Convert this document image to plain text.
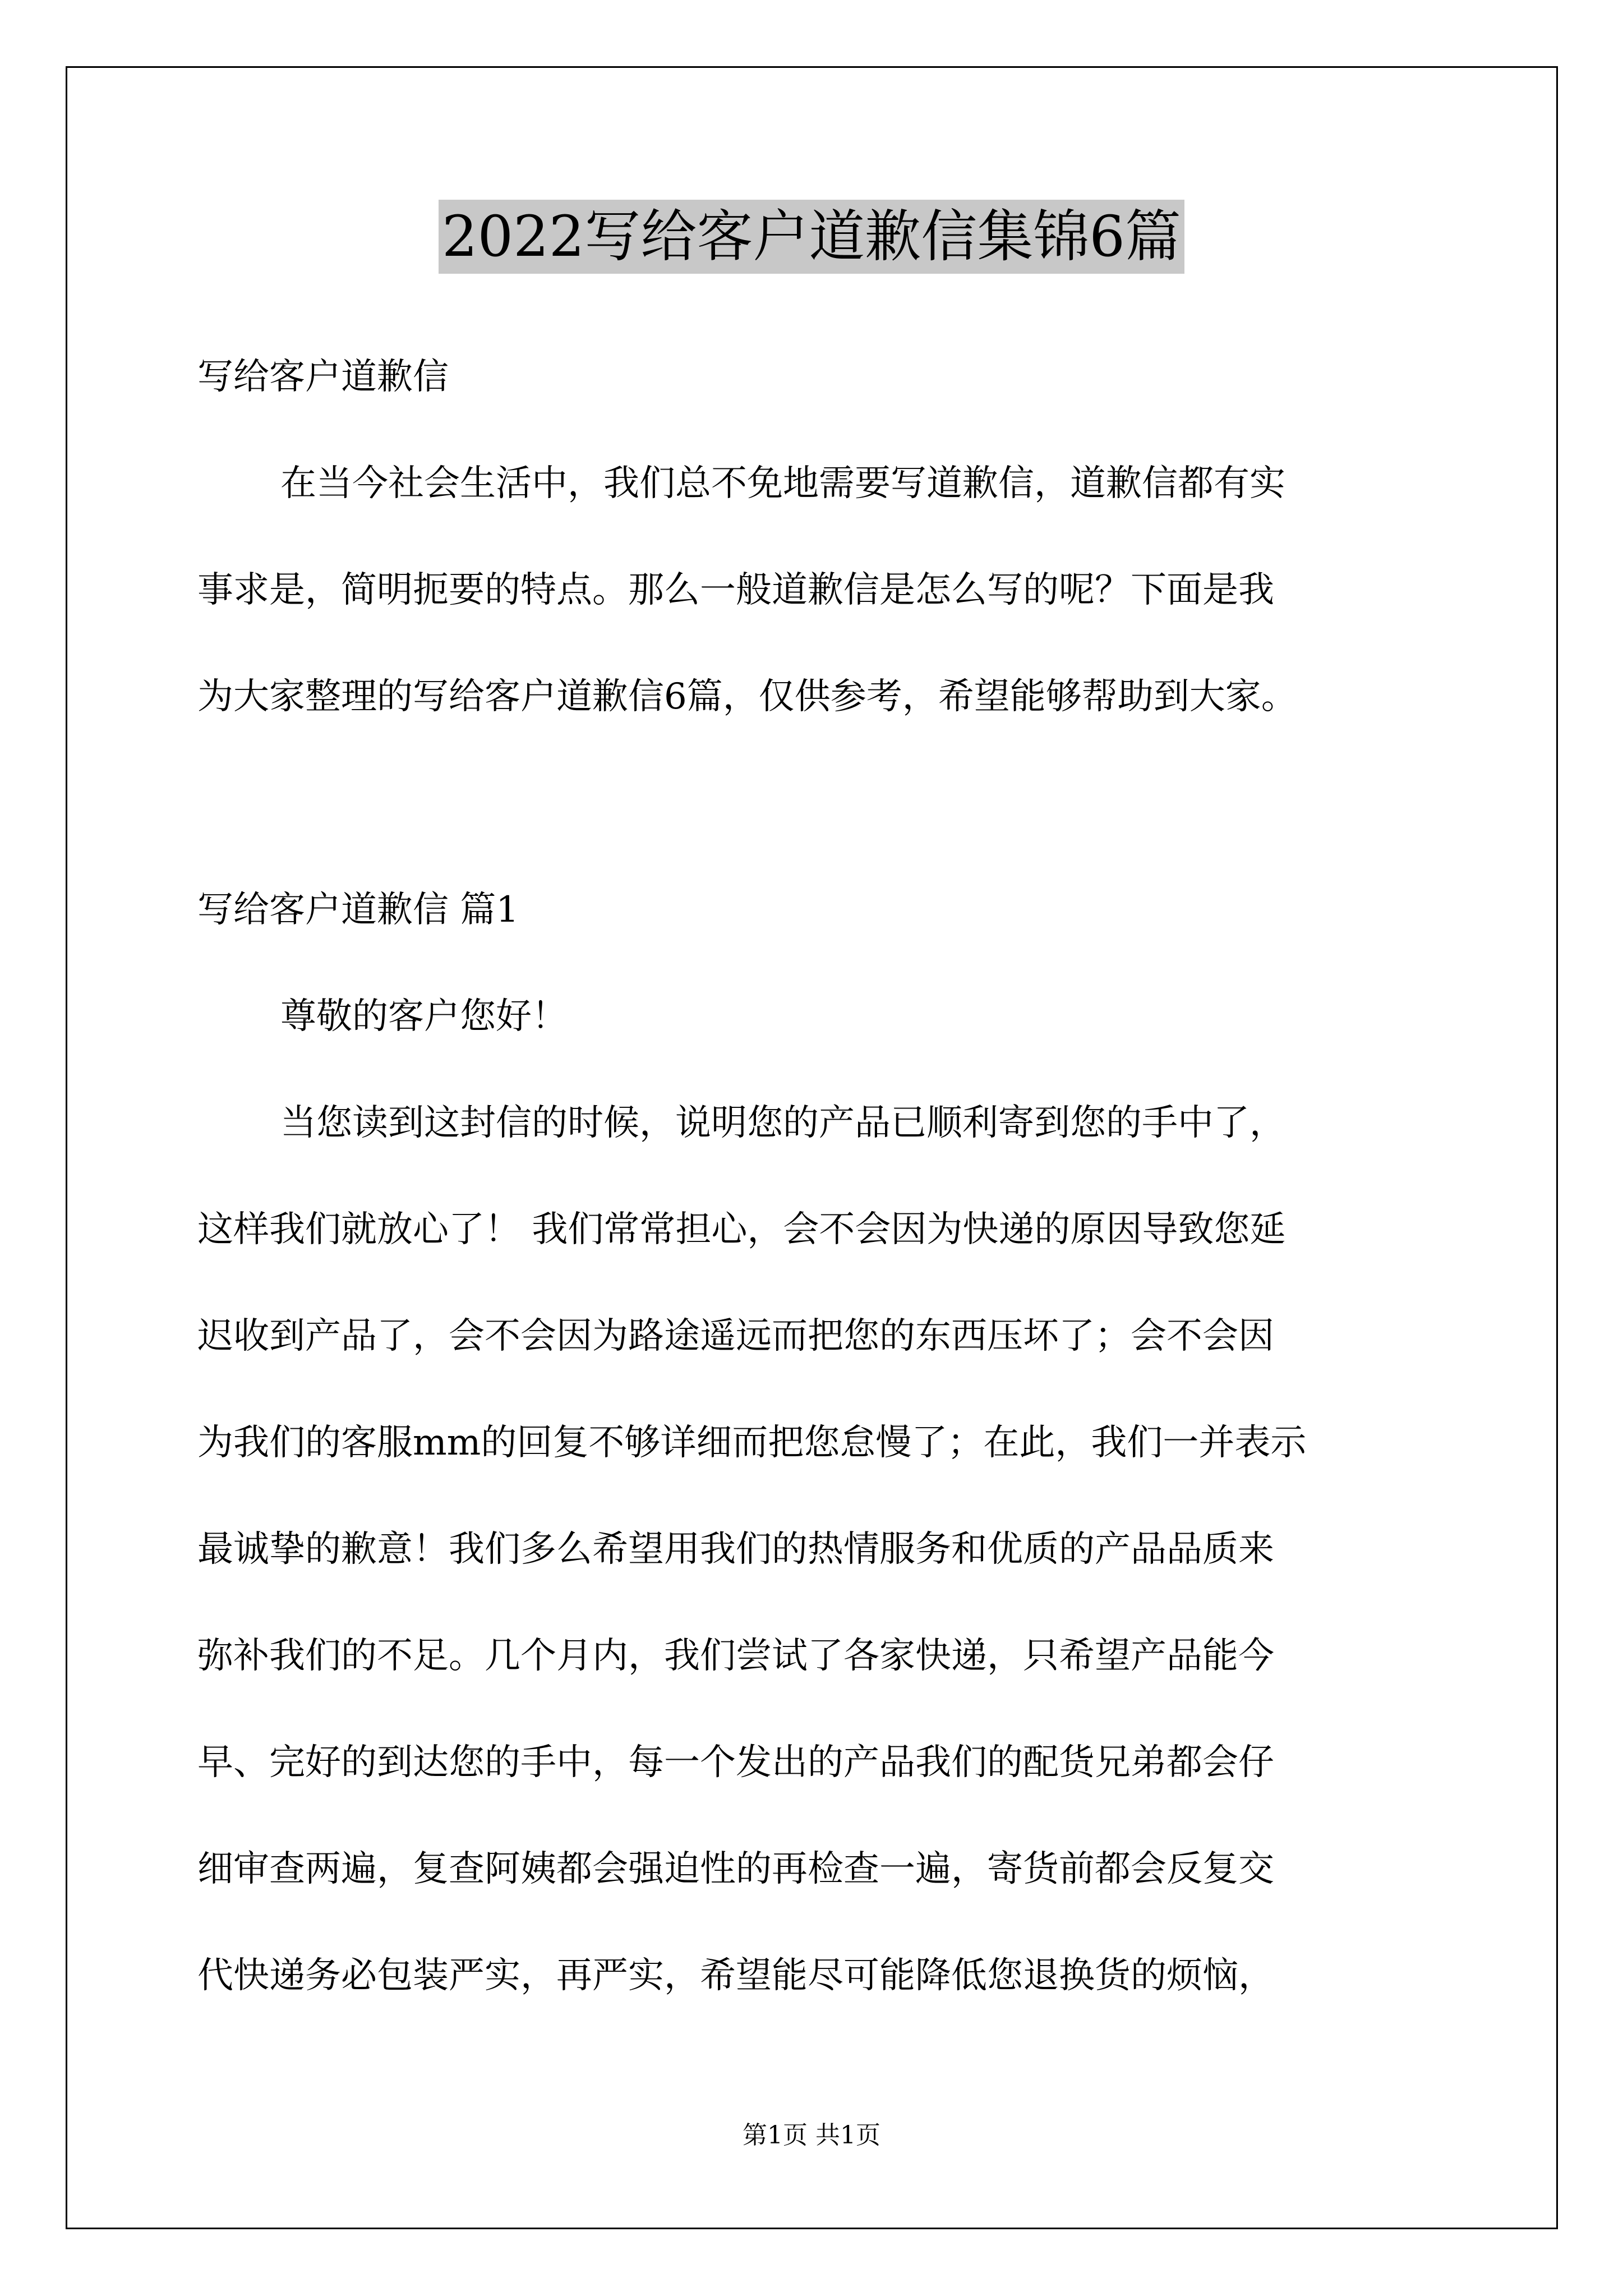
2022写给客户道歉信集锦6篇
写给客户道歉信
在当今社会生活中，我们总不免地需要写道歉信，道歉信都有实
事求是，简明扼要的特点。那么一般道歉信是怎么写的呢？下面是我
为大家整理的写给客户道歉信6篇，仅供参考，希望能够帮助到大家。
写给客户道歉信 篇1
尊敬的客户您好！
当您读到这封信的时候，说明您的产品已顺利寄到您的手中了，
这样我们就放心了！ 我们常常担心，会不会因为快递的原因导致您延
迟收到产品了，会不会因为路途遥远而把您的东西压坏了；会不会因
为我们的客服mm的回复不够详细而把您怠慢了；在此，我们一并表示
最诚挚的歉意！我们多么希望用我们的热情服务和优质的产品品质来
弥补我们的不足。几个月内，我们尝试了各家快递，只希望产品能今
早、完好的到达您的手中，每一个发出的产品我们的配货兄弟都会仔
细审查两遍，复查阿姨都会强迫性的再检查一遍，寄货前都会反复交
代快递务必包装严实，再严实，希望能尽可能降低您退换货的烦恼，
第1页 共1页
